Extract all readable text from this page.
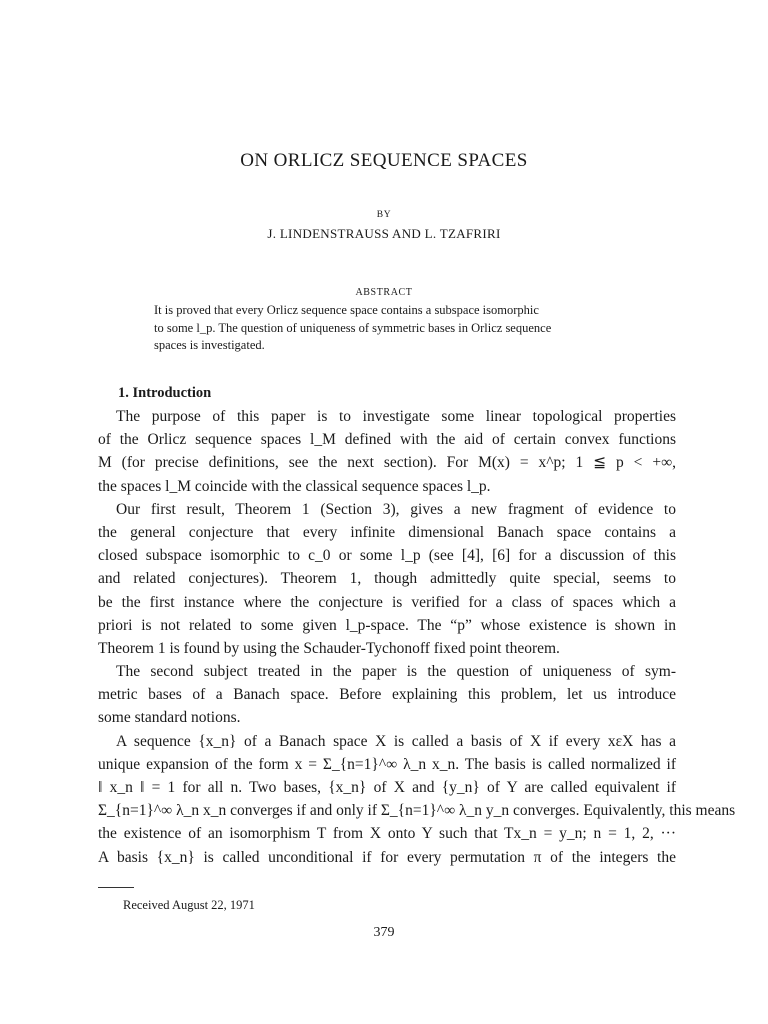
ON ORLICZ SEQUENCE SPACES
BY
J. LINDENSTRAUSS AND L. TZAFRIRI
ABSTRACT
It is proved that every Orlicz sequence space contains a subspace isomorphic
to some l_p. The question of uniqueness of symmetric bases in Orlicz sequence
spaces is investigated.
1. Introduction
The purpose of this paper is to investigate some linear topological properties
of the Orlicz sequence spaces l_M defined with the aid of certain convex functions
M (for precise definitions, see the next section). For M(x) = x^p; 1 ≦ p < +∞,
the spaces l_M coincide with the classical sequence spaces l_p.
Our first result, Theorem 1 (Section 3), gives a new fragment of evidence to
the general conjecture that every infinite dimensional Banach space contains a
closed subspace isomorphic to c_0 or some l_p (see [4], [6] for a discussion of this
and related conjectures). Theorem 1, though admittedly quite special, seems to
be the first instance where the conjecture is verified for a class of spaces which a
priori is not related to some given l_p-space. The “p” whose existence is shown in
Theorem 1 is found by using the Schauder-Tychonoff fixed point theorem.
The second subject treated in the paper is the question of uniqueness of sym-
metric bases of a Banach space. Before explaining this problem, let us introduce
some standard notions.
A sequence {x_n} of a Banach space X is called a basis of X if every xεX has a
unique expansion of the form x = Σ_{n=1}^∞ λ_n x_n. The basis is called normalized if
‖ x_n ‖ = 1 for all n. Two bases, {x_n} of X and {y_n} of Y are called equivalent if
Σ_{n=1}^∞ λ_n x_n converges if and only if Σ_{n=1}^∞ λ_n y_n converges. Equivalently, this means
the existence of an isomorphism T from X onto Y such that Tx_n = y_n; n = 1, 2, ···
A basis {x_n} is called unconditional if for every permutation π of the integers the
Received August 22, 1971
379
